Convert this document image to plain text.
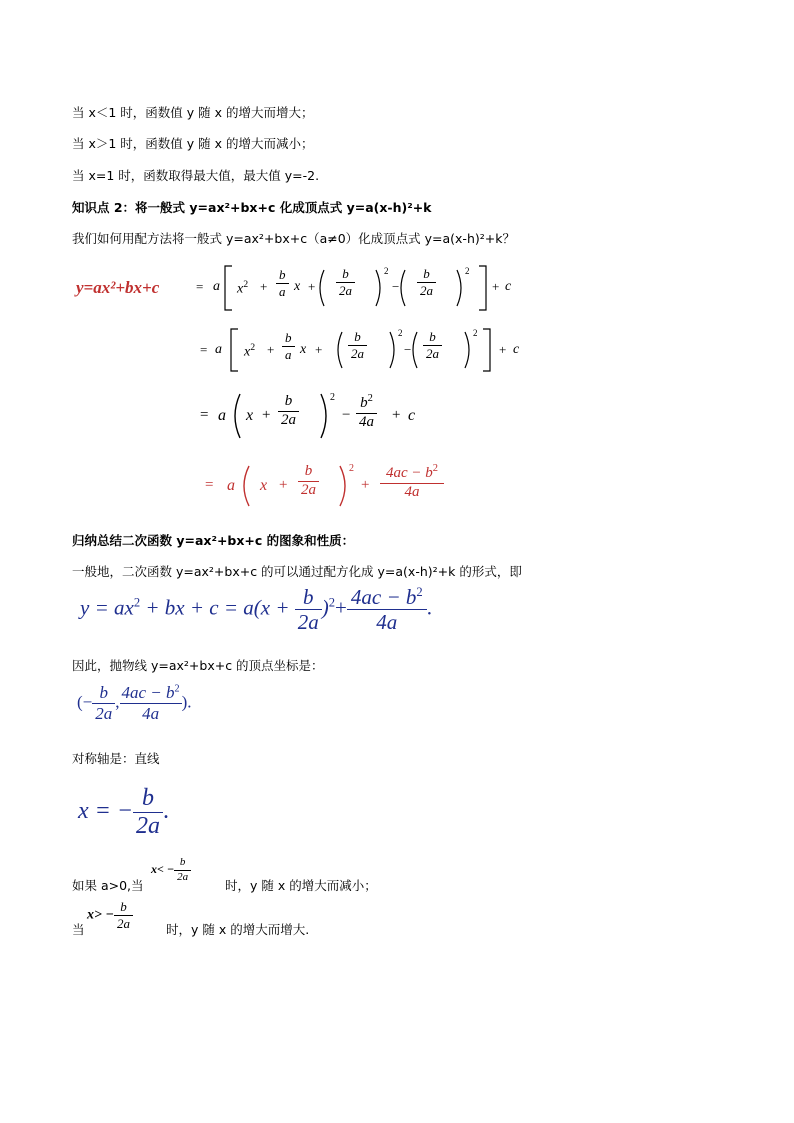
当 x＜1 时，函数值 y 随 x 的增大而增大；
当 x＞1 时，函数值 y 随 x 的增大而减小；
当 x=1 时，函数取得最大值，最大值 y=-2.
知识点 2：将一般式 y=ax²+bx+c 化成顶点式 y=a(x-h)²+k
我们如何用配方法将一般式 y=ax²+bx+c（a≠0）化成顶点式 y=a(x-h)²+k？
y=ax²+bx+c	= a $x^2 + \frac{b}{a}$ $x + \frac{b}{2a}$	2
− $\frac{b}{2a}$	2
+ c
= a $x^2 + \frac{b}{a}$ $x + \frac{b}{2a}$	2
− $\frac{b}{2a}$	2
+ c
= a $x + \frac{b}{2a}$	2
− $\frac{b^2}{4a} + c$
= a $x + \frac{b}{2a}$	2
+ $\frac{4ac - b^2}{4a}$
归纳总结二次函数 y=ax²+bx+c 的图象和性质：
一般地，二次函数 y=ax²+bx+c 的可以通过配方化成 y=a(x-h)²+k 的形式，即
$y = ax^2$ + bx + $c = a(x + \frac{b}{2a} )^2+ \frac{4ac - b^2}{4a}$ .
因此，抛物线 y=ax²+bx+c 的顶点坐标是：
(− $\frac{b}{2a}$ , $\frac{4ac - b^2}{4a}$ ).
对称轴是：直线
x = − $\frac{b}{2a}$ .
如果 a>0,当
$x< - \frac{b}{2a}$
时，y 随 x 的增大而减小；
当
$x> - \frac{b}{2a}$	时，y 随 x 的增大而增大.
